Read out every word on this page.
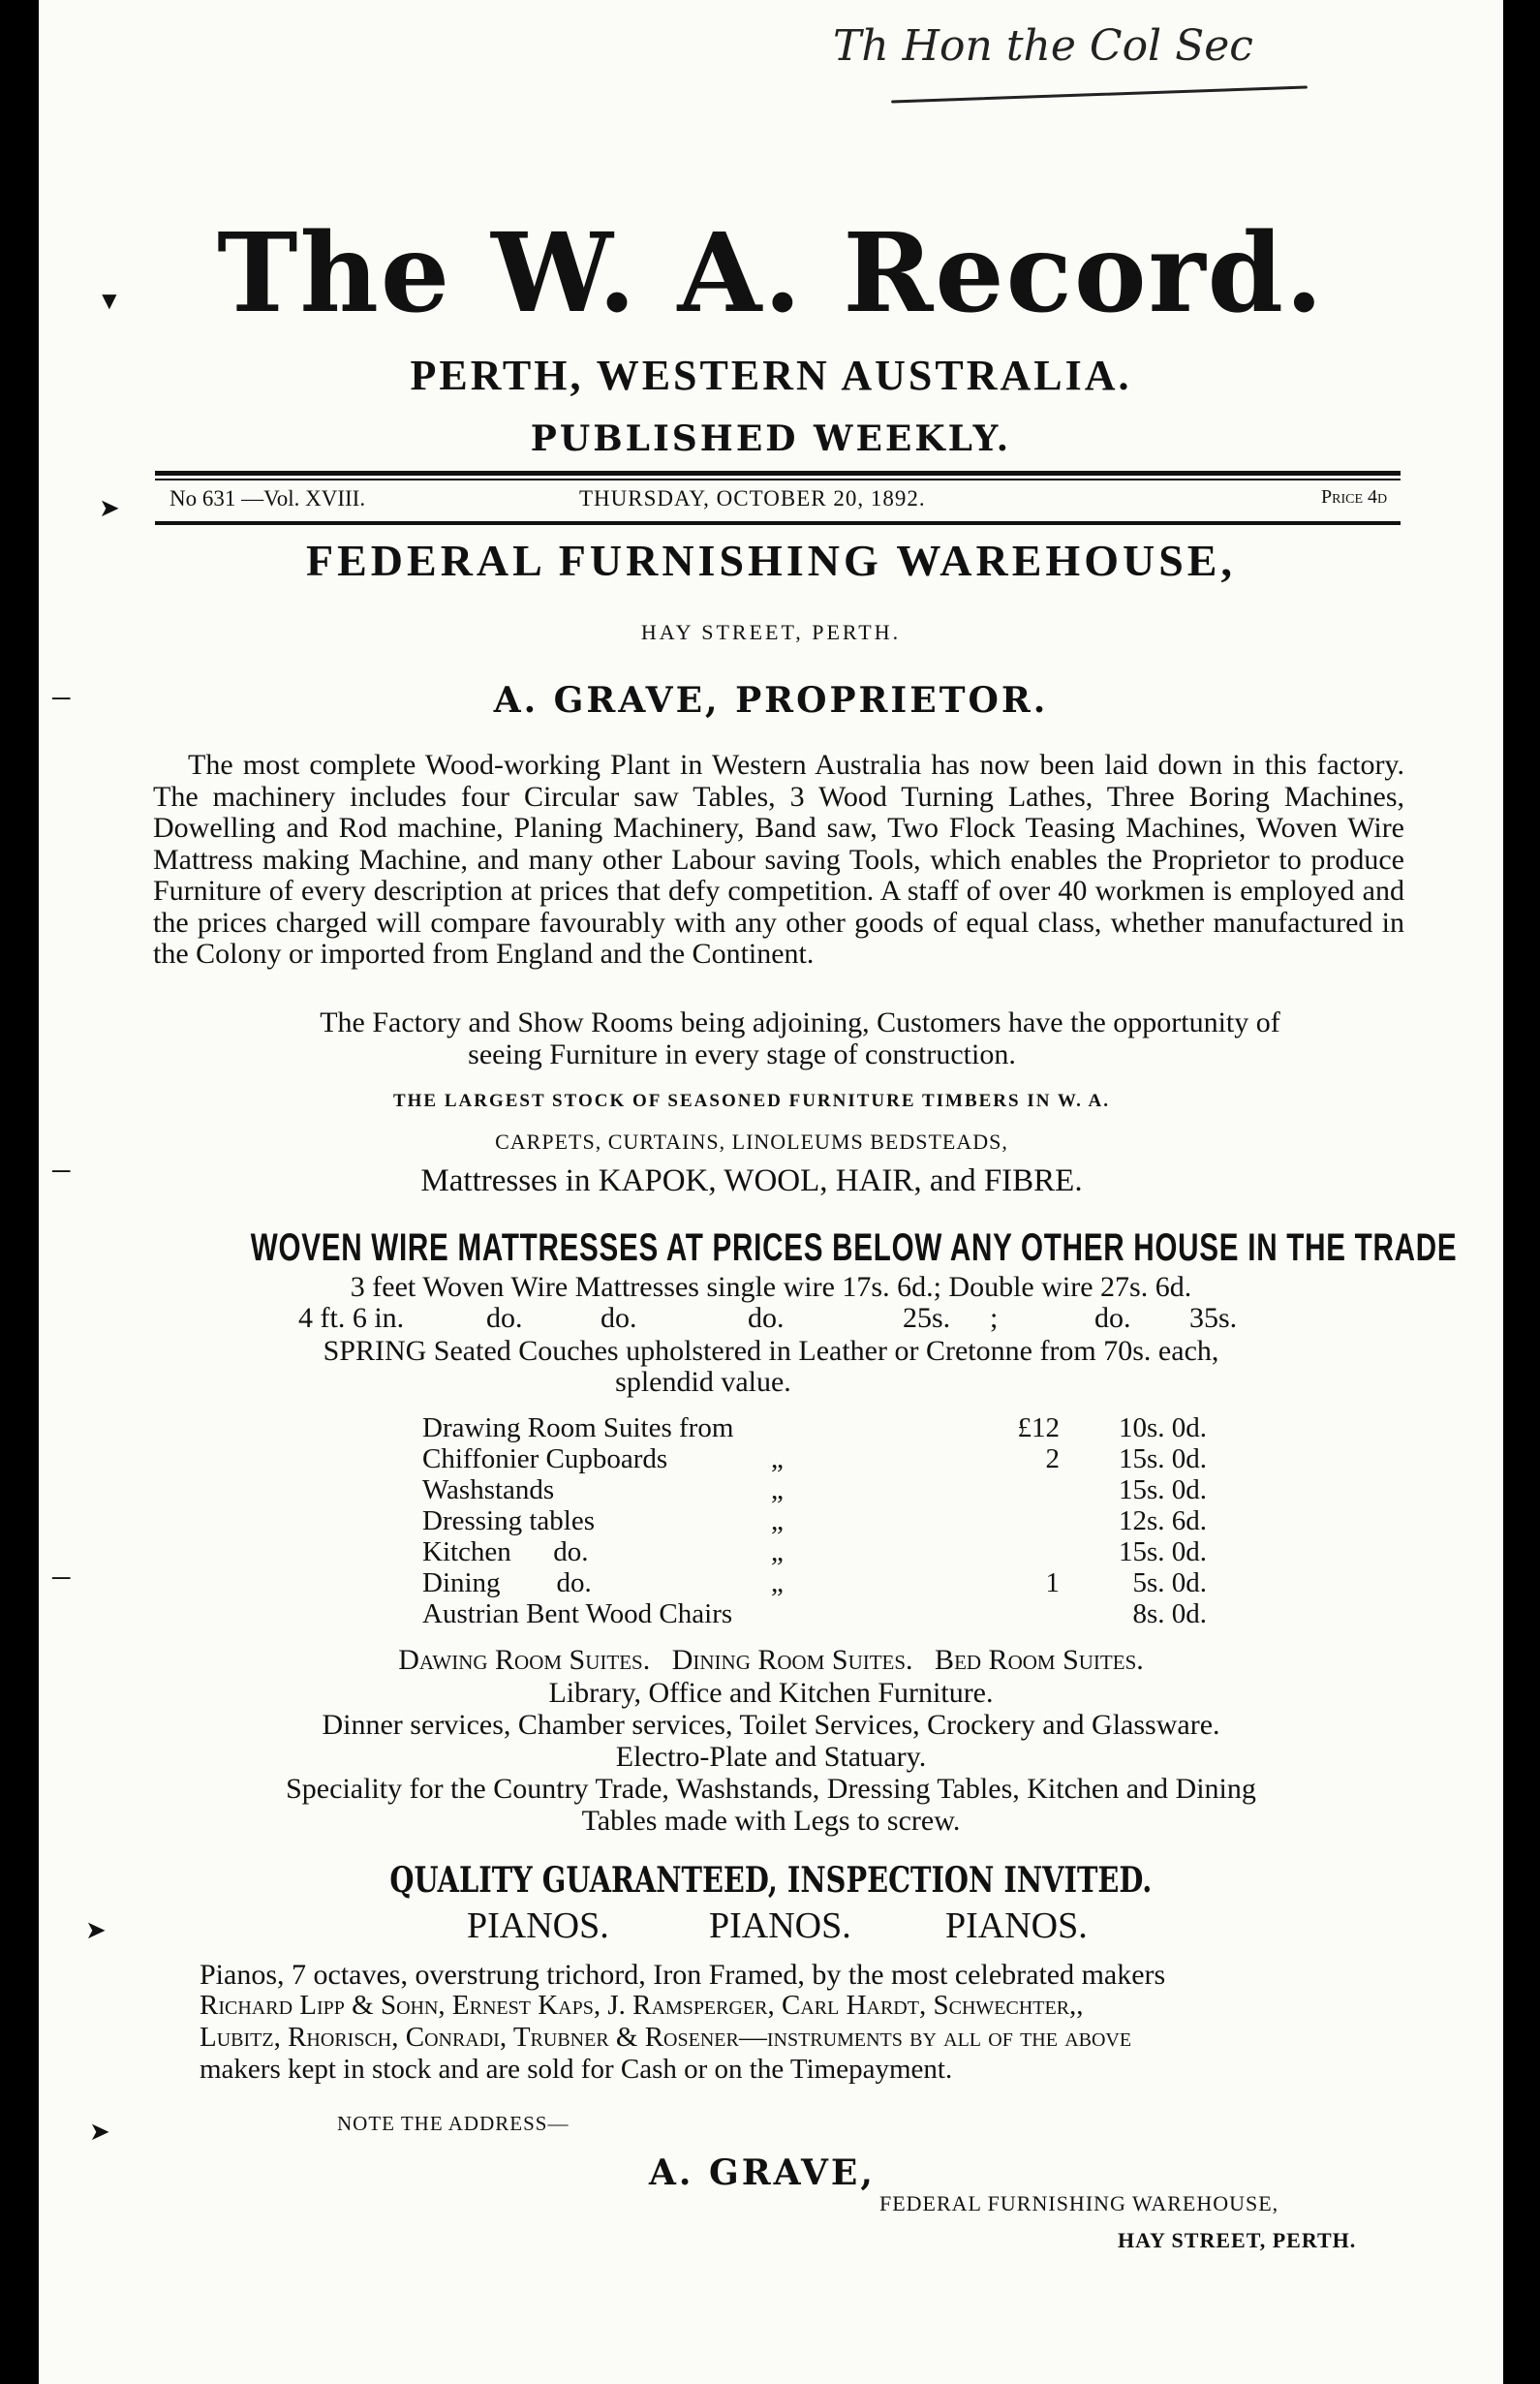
Th Hon the Col Sec
The W. A. Record.
PERTH, WESTERN AUSTRALIA.
PUBLISHED WEEKLY.
No 631 —Vol. XVIII.	THURSDAY, OCTOBER 20, 1892.	Price 4d
FEDERAL FURNISHING WAREHOUSE,
HAY STREET, PERTH.
A. GRAVE, PROPRIETOR.

The most complete Wood-working Plant in Western Australia has now been laid down in this factory. The machinery includes four Circular saw Tables, 3 Wood Turning Lathes, Three Boring Machines, Dowelling and Rod machine, Planing Machinery, Band saw, Two Flock Teasing Machines, Woven Wire Mattress making Machine, and many other Labour saving Tools, which enables the Proprietor to produce Furniture of every description at prices that defy competition. A staff of over 40 workmen is employed and the prices charged will compare favourably with any other goods of equal class, whether manufactured in the Colony or imported from England and the Continent.

The Factory and Show Rooms being adjoining, Customers have the opportunity of
seeing Furniture in every stage of construction.
THE LARGEST STOCK OF SEASONED FURNITURE TIMBERS IN W. A.
CARPETS, CURTAINS, LINOLEUMS BEDSTEADS,
Mattresses in KAPOK, WOOL, HAIR, and FIBRE.
WOVEN WIRE MATTRESSES AT PRICES BELOW ANY OTHER HOUSE IN THE TRADE
3 feet Woven Wire Mattresses single wire 17s. 6d.; Double wire 27s. 6d.
4 ft. 6 in.	do.	do.	do.	25s. ;	do. 35s.
SPRING Seated Couches upholstered in Leather or Cretonne from 70s. each,
splendid value.
Drawing Room Suites from	£12 10s. 0d.
Chiffonier Cupboards	„	2 15s. 0d.
Washstands	„	15s. 0d.
Dressing tables	„	12s. 6d.
Kitchen      do.	„	15s. 0d.
Dining        do.	„	1	5s. 0d.
Austrian Bent Wood Chairs	8s. 0d.
Dawing Room Suites.   Dining Room Suites.   Bed Room Suites.
Library, Office and Kitchen Furniture.
Dinner services, Chamber services, Toilet Services, Crockery and Glassware.
Electro-Plate and Statuary.
Speciality for the Country Trade, Washstands, Dressing Tables, Kitchen and Dining
Tables made with Legs to screw.
QUALITY GUARANTEED, INSPECTION INVITED.
PIANOS.	PIANOS.	PIANOS.
Pianos, 7 octaves, overstrung trichord, Iron Framed, by the most celebrated makers
Richard Lipp & Sohn, Ernest Kaps, J. Ramsperger, Carl Hardt, Schwechter,,
Lubitz, Rhorisch, Conradi, Trubner & Rosener—instruments by all of the above
makers kept in stock and are sold for Cash or on the Timepayment.
NOTE THE ADDRESS—
A. GRAVE,
FEDERAL FURNISHING WAREHOUSE,
HAY STREET, PERTH.
▼
➤
─
─
─
➤
➤
